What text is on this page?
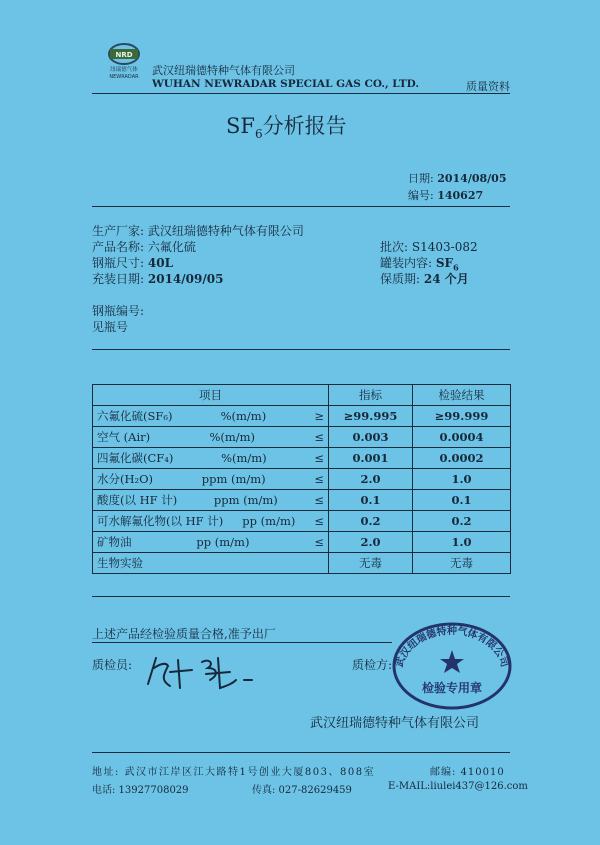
NRD
纽瑞德气体
NEWRADAR 武汉纽瑞德特种气体有限公司
WUHAN NEWRADAR SPECIAL GAS CO., LTD.	质量资料
$SF_6$分析报告
日期: 2014/08/05
编号: 140627
生产厂家: 武汉纽瑞德特种气体有限公司
产品名称: 六氟化硫	批次: S1403-082
钢瓶尺寸: 40L	罐装内容: $SF_6$
充装日期: 2014/09/05	保质期: 24 个月
钢瓶编号:
见瓶号
项目	指标	检验结果

六氟化硫(SF₆) %(m/m) ≥	≥99.995	≥99.999

空气 (Air) %(m/m) ≤	0.003	0.0004

四氟化碳(CF₄) %(m/m) ≤	0.001	0.0002

水分(H₂O) ppm (m/m) ≤	2.0	1.0

酸度(以 HF 计) ppm (m/m) ≤	0.1	0.1

可水解氟化物(以 HF 计) pp (m/m) ≤	0.2	0.2

矿物油 pp (m/m) ≤	2.0	1.0

生物实验	无毒	无毒
上述产品经检验质量合格,准予出厂
质检员:	质检方: 武汉纽瑞德特种气体有限公司
检验专用章
武汉纽瑞德特种气体有限公司
地址: 武汉市江岸区江大路特1号创业大厦803、808室	邮编: 410010
电话: 13927708029	传真: 027-82629459	E-MAIL:liulei437@126.com
